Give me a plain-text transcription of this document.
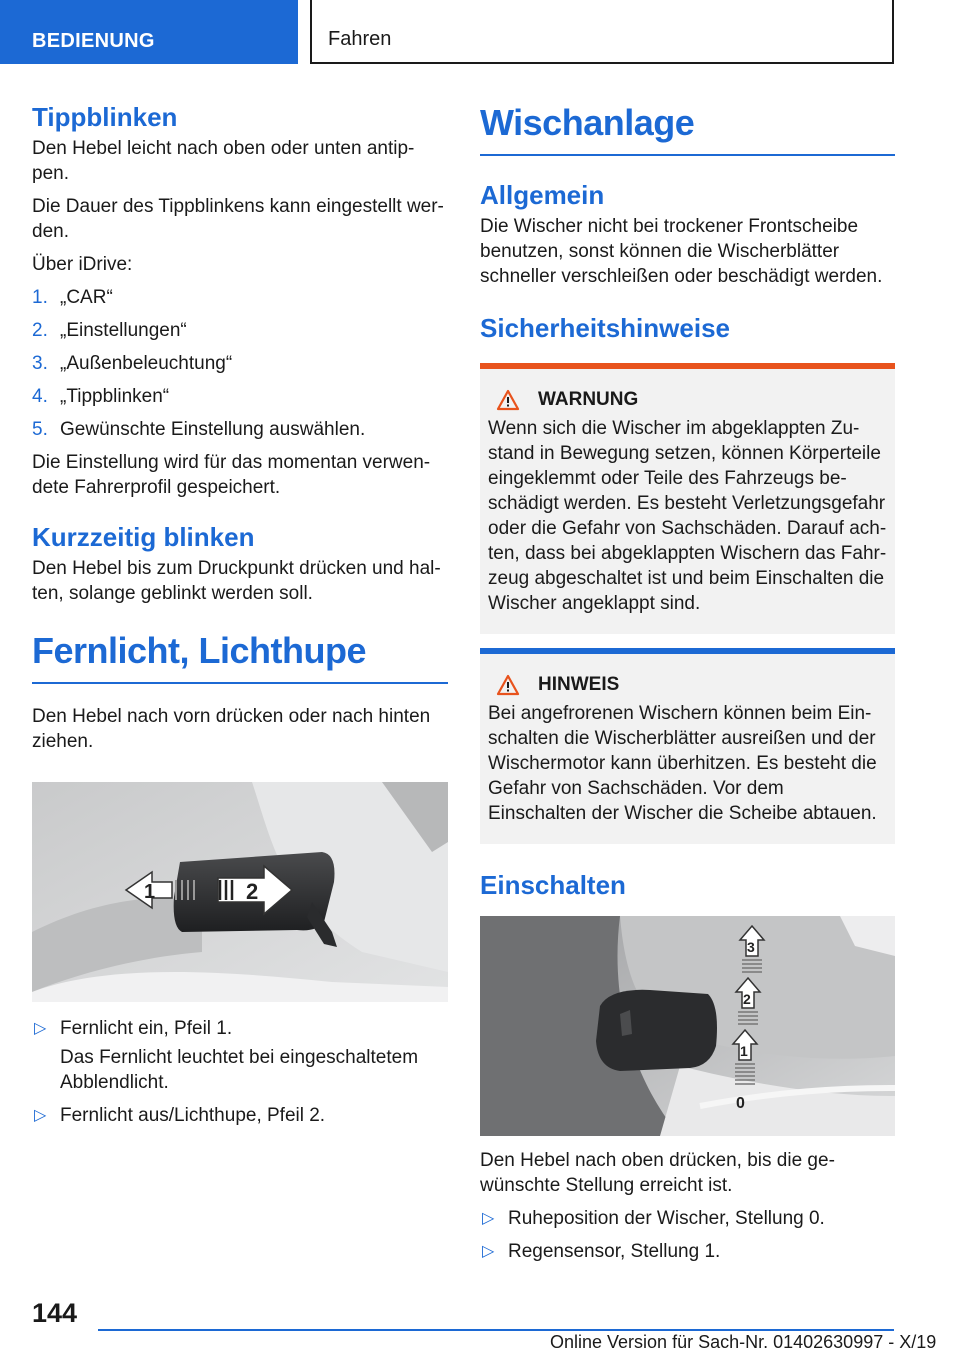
BEDIENUNG	Fahren
Tippblinken

Den Hebel leicht nach oben oder unten antip-pen.

Die Dauer des Tippblinkens kann eingestellt wer-den.

Über iDrive:

1. „CAR“
2. „Einstellungen“
3. „Außenbeleuchtung“
4. „Tippblinken“
5. Gewünschte Einstellung auswählen.

Die Einstellung wird für das momentan verwen-dete Fahrerprofil gespeichert.

Kurzzeitig blinken

Den Hebel bis zum Druckpunkt drücken und hal-ten, solange geblinkt werden soll.

Fernlicht, Lichthupe

Den Hebel nach vorn drücken oder nach hinten ziehen.

1	2
▷ Fernlicht ein, Pfeil 1.
Das Fernlicht leuchtet bei eingeschaltetem Abblendlicht.
▷ Fernlicht aus/Lichthupe, Pfeil 2.
Wischanlage
Allgemein

Die Wischer nicht bei trockener Frontscheibe benutzen, sonst können die Wischerblätter schneller verschleißen oder beschädigt werden.

Sicherheitshinweise
WARNUNG

Wenn sich die Wischer im abgeklappten Zu-stand in Bewegung setzen, können Körperteile eingeklemmt oder Teile des Fahrzeugs be-schädigt werden. Es besteht Verletzungsgefahr oder die Gefahr von Sachschäden. Darauf ach-ten, dass bei abgeklappten Wischern das Fahr-zeug abgeschaltet ist und beim Einschalten die Wischer angeklappt sind.

HINWEIS

Bei angefrorenen Wischern können beim Ein-schalten die Wischerblätter ausreißen und der Wischermotor kann überhitzen. Es besteht die Gefahr von Sachschäden. Vor dem Einschalten der Wischer die Scheibe abtauen.

Einschalten
3
2
1
0

Den Hebel nach oben drücken, bis die ge-wünschte Stellung erreicht ist.

▷ Ruheposition der Wischer, Stellung 0.
▷ Regensensor, Stellung 1.
144
Online Version für Sach-Nr. 01402630997 - X/19
